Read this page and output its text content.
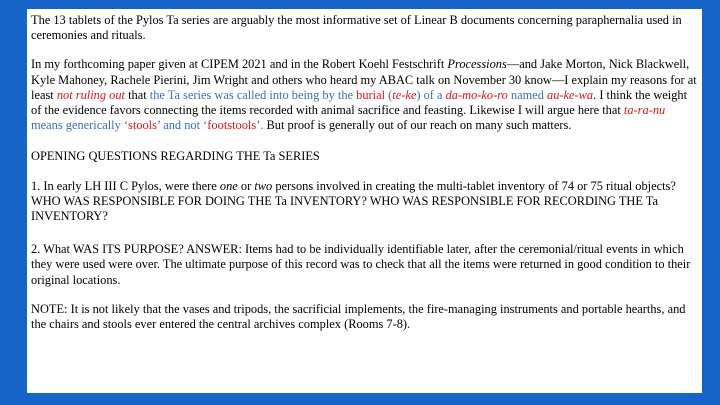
The 13 tablets of the Pylos Ta series are arguably the most informative set of Linear B documents concerning paraphernalia used in ceremonies and rituals.

In my forthcoming paper given at CIPEM 2021 and in the Robert Koehl Festschrift Processions—and Jake Morton, Nick Blackwell, Kyle Mahoney, Rachele Pierini, Jim Wright and others who heard my ABAC talk on November 30 know—I explain my reasons for at least not ruling out that the Ta series was called into being by the burial (te-ke) of a da-mo-ko-ro named au-ke-wa. I think the weight of the evidence favors connecting the items recorded with animal sacrifice and feasting. Likewise I will argue here that ta-ra-nu means generically ‘stools’ and not ‘footstools’. But proof is generally out of our reach on many such matters.

OPENING QUESTIONS REGARDING THE Ta SERIES

1. In early LH III C Pylos, were there one or two persons involved in creating the multi-tablet inventory of 74 or 75 ritual objects? WHO WAS RESPONSIBLE FOR DOING THE Ta INVENTORY? WHO WAS RESPONSIBLE FOR RECORDING THE Ta INVENTORY?

2. What WAS ITS PURPOSE? ANSWER: Items had to be individually identifiable later, after the ceremonial/ritual events in which they were used were over. The ultimate purpose of this record was to check that all the items were returned in good condition to their original locations.

NOTE: It is not likely that the vases and tripods, the sacrificial implements, the fire-managing instruments and portable hearths, and the chairs and stools ever entered the central archives complex (Rooms 7-8).
